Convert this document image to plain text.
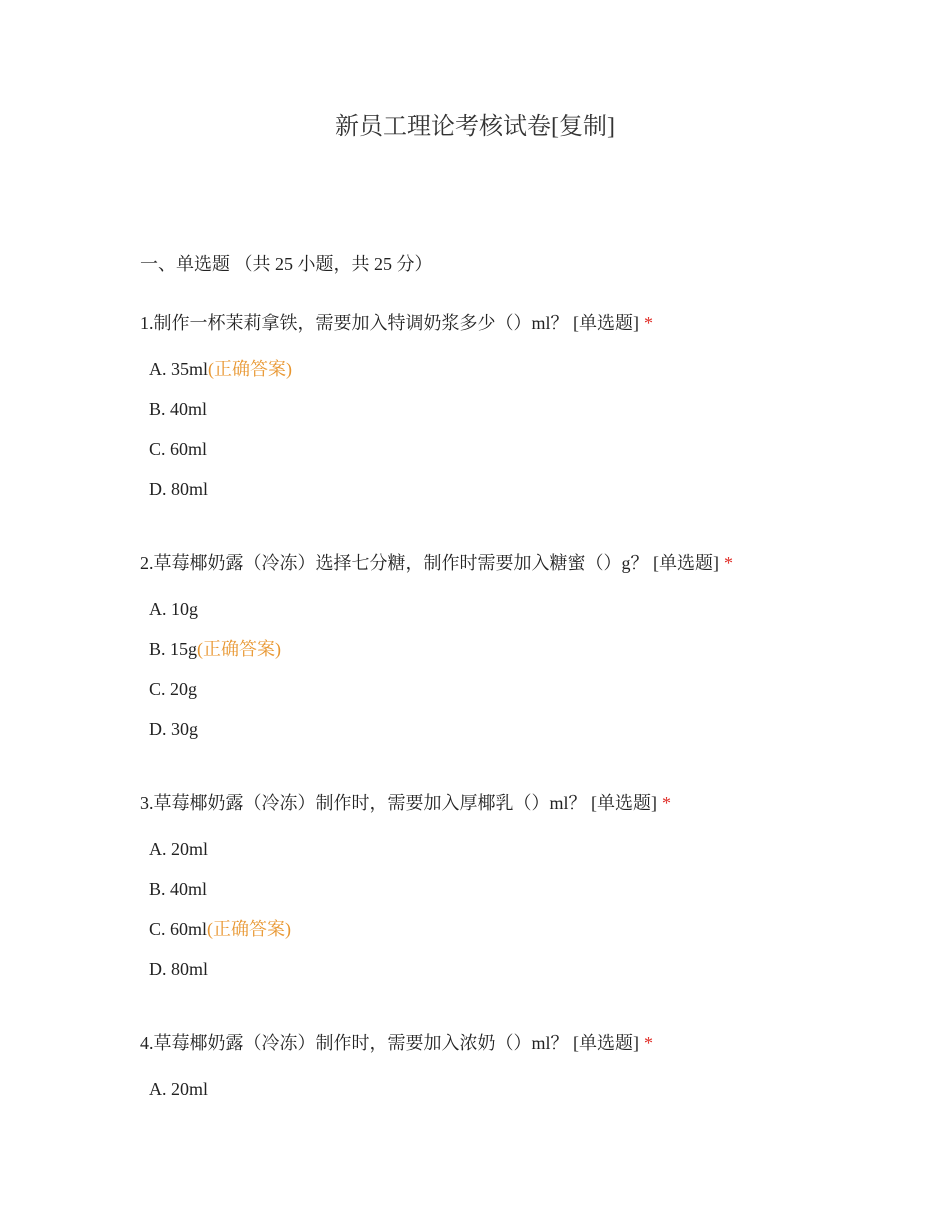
新员工理论考核试卷[复制]
一、单选题 （共 25 小题，共 25 分）
1.制作一杯茉莉拿铁，需要加入特调奶浆多少（）ml？ [单选题] *
A. 35ml(正确答案)
B. 40ml
C. 60ml
D. 80ml
2.草莓椰奶露（冷冻）选择七分糖，制作时需要加入糖蜜（）g？ [单选题] *
A. 10g
B. 15g(正确答案)
C. 20g
D. 30g
3.草莓椰奶露（冷冻）制作时，需要加入厚椰乳（）ml？ [单选题] *
A. 20ml
B. 40ml
C. 60ml(正确答案)
D. 80ml
4.草莓椰奶露（冷冻）制作时，需要加入浓奶（）ml？ [单选题] *
A. 20ml
